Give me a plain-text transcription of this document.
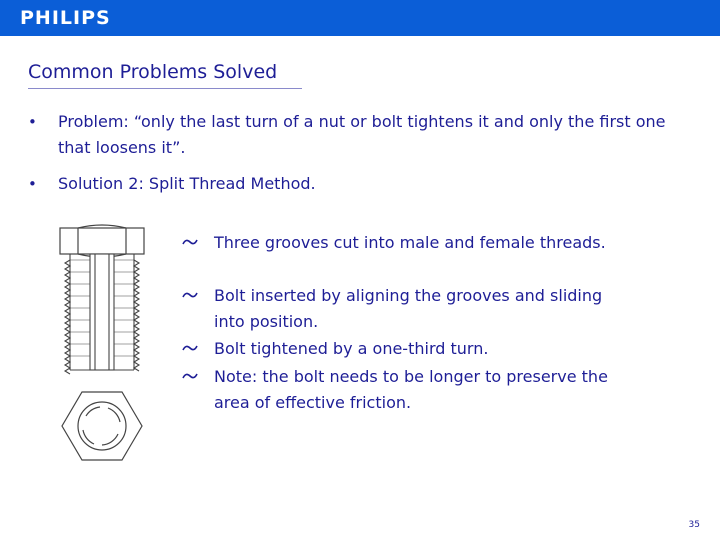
PHILIPS
Common Problems Solved
• Problem: “only the last turn of a nut or bolt tightens it and only the first one that loosens it”.
• Solution 2: Split Thread Method.
Three grooves cut into male and female threads.
Bolt inserted by aligning the grooves and sliding into position.
Bolt tightened by a one-third turn.
Note: the bolt needs to be longer to preserve the area of effective friction.
35
